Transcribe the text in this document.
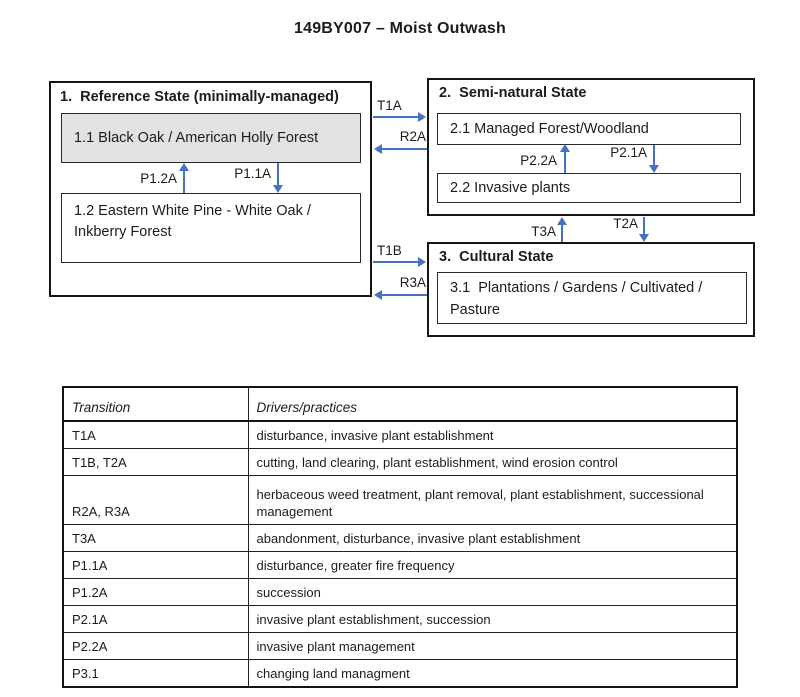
149BY007 – Moist Outwash
1.  Reference State (minimally-managed)
1.1 Black Oak / American Holly Forest
P1.2A	P1.1A
1.2 Eastern White Pine - White Oak / Inkberry Forest
2.  Semi-natural State
2.1 Managed Forest/Woodland
P2.2A
P2.1A
2.2 Invasive plants
3.  Cultural State
3.1  Plantations / Gardens / Cultivated / Pasture
T1A
R2A
T1B
R3A
T3A
T2A
Transition	Drivers/practices
T1A	disturbance, invasive plant establishment
T1B, T2A	cutting, land clearing, plant establishment, wind erosion control
R2A, R3A	herbaceous weed treatment, plant removal, plant establishment, successional management
T3A	abandonment, disturbance, invasive plant establishment
P1.1A	disturbance, greater fire frequency
P1.2A	succession
P2.1A	invasive plant establishment, succession
P2.2A	invasive plant management
P3.1	changing land managment
